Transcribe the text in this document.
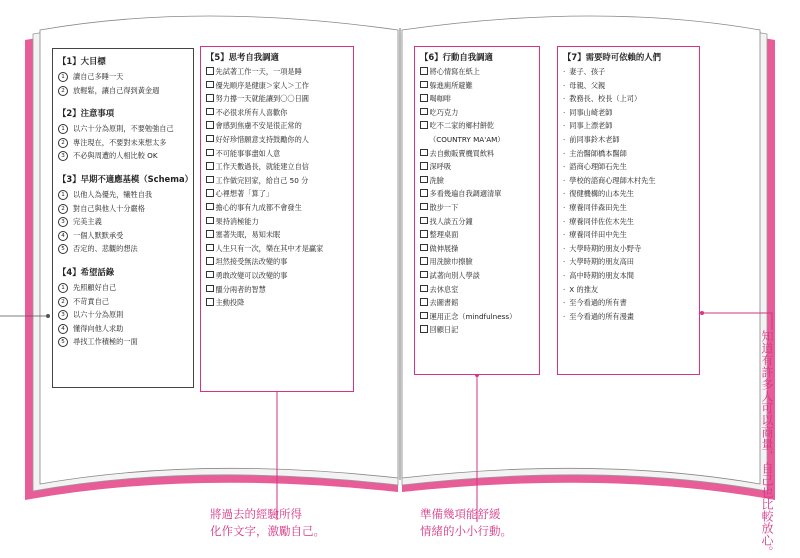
【1】大目標
1 讀自己多睡一天
2 放輕鬆，讓自己得到黃金週
【2】注意事項
1 以六十分為原則，不要勉強自己
2 專注現在，不要對未來想太多
3 不必與周遭的人相比較 OK
【3】早期不適應基模（Schema）
1 以他人為優先，犧牲自我
2 對自己與他人十分嚴格
3 完美主義
4 一個人默默承受
5 否定的、悲觀的想法
【4】希望話錄
1 先照顧好自己
2 不苛責自己
3 以六十分為原則
4 懂得向他人求助
5 尋找工作積極的一面
【5】思考自我調適
先試著工作一天，一項是睡
優先順序是健康＞家人＞工作
努力撐一天就能讓到〇〇日圓
不必很求所有人喜歡你
會感到焦慮不安是很正常的
好好珍惜願意支持鼓勵你的人
不可能事事盡如人意
工作天數過長，就能建立自信
工作做完回家，給自己 50 分
心裡想著「算了」
擔心的事有九成都不會發生
果持消極能力
塞著失眠，易知未眠
人生只有一次，樂在其中才是贏家
坦然接受無法改變的事
勇敢改變可以改變的事
醞分兩者的智慧
主動投降
【6】行動自我調適
將心情寫在紙上
躲進廁所避難
喝咖啡
吃巧克力
吃不二家的鄉村餅乾
（COUNTRY MA'AM）
去自動販賣機買飲料
深呼吸
洗臉
多看幾遍自我調適清單
散步一下
找人談五分鐘
整理桌面
做伸展操
用洗臉巾擦臉
試著向別人學談
去休息室
去圖書館
運用正念（mindfulness）
回顧日記
【7】需要時可依賴的人們
· 妻子、孩子
· 母親、父親
· 教務長、校長（上司）
· 同事山崎老師
· 同事上漂老師
· 前同事鈴木老師
· 主治醫師橋本醫師
· 諮商心理師石先生
· 學校的諮商心理師木村先生
· 復健機構的山本先生
· 療養同伴森田先生
· 療養同伴佐佐木先生
· 療養同伴田中先生
· 大學時期的朋友小野寺
· 大學時期的朋友高田
· 高中時期的朋友本間
· X 的推友
· 至今看過的所有書
· 至今看過的所有漫畫
將過去的經驗所得
化作文字，激勵自己。
準備幾項能舒緩
情緒的小小行動。
知道有許多人可以商量，自己也比較放心。
